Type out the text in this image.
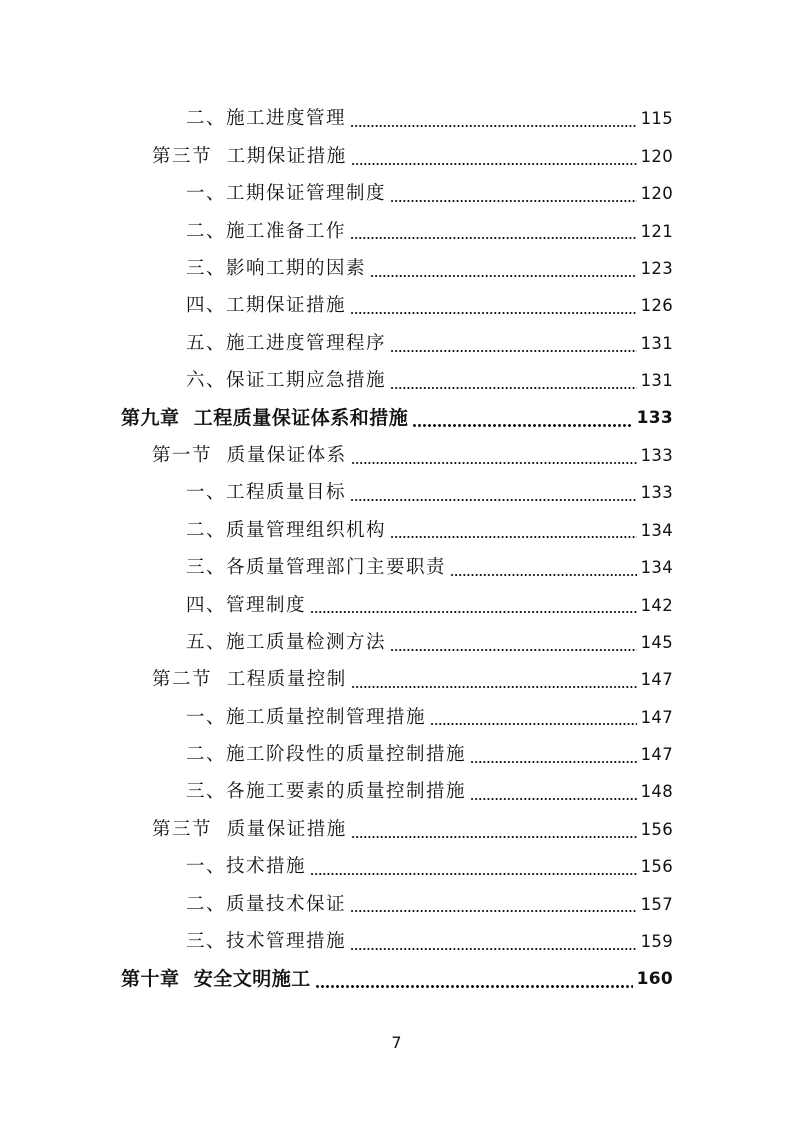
二、施工进度管理	115
第三节  工期保证措施	120
一、工期保证管理制度	120
二、施工准备工作	121
三、影响工期的因素	123
四、工期保证措施	126
五、施工进度管理程序	131
六、保证工期应急措施	131
第九章  工程质量保证体系和措施	133
第一节  质量保证体系	133
一、工程质量目标	133
二、质量管理组织机构	134
三、各质量管理部门主要职责	134
四、管理制度	142
五、施工质量检测方法	145
第二节  工程质量控制	147
一、施工质量控制管理措施	147
二、施工阶段性的质量控制措施	147
三、各施工要素的质量控制措施	148
第三节  质量保证措施	156
一、技术措施	156
二、质量技术保证	157
三、技术管理措施	159
第十章  安全文明施工	160
7
